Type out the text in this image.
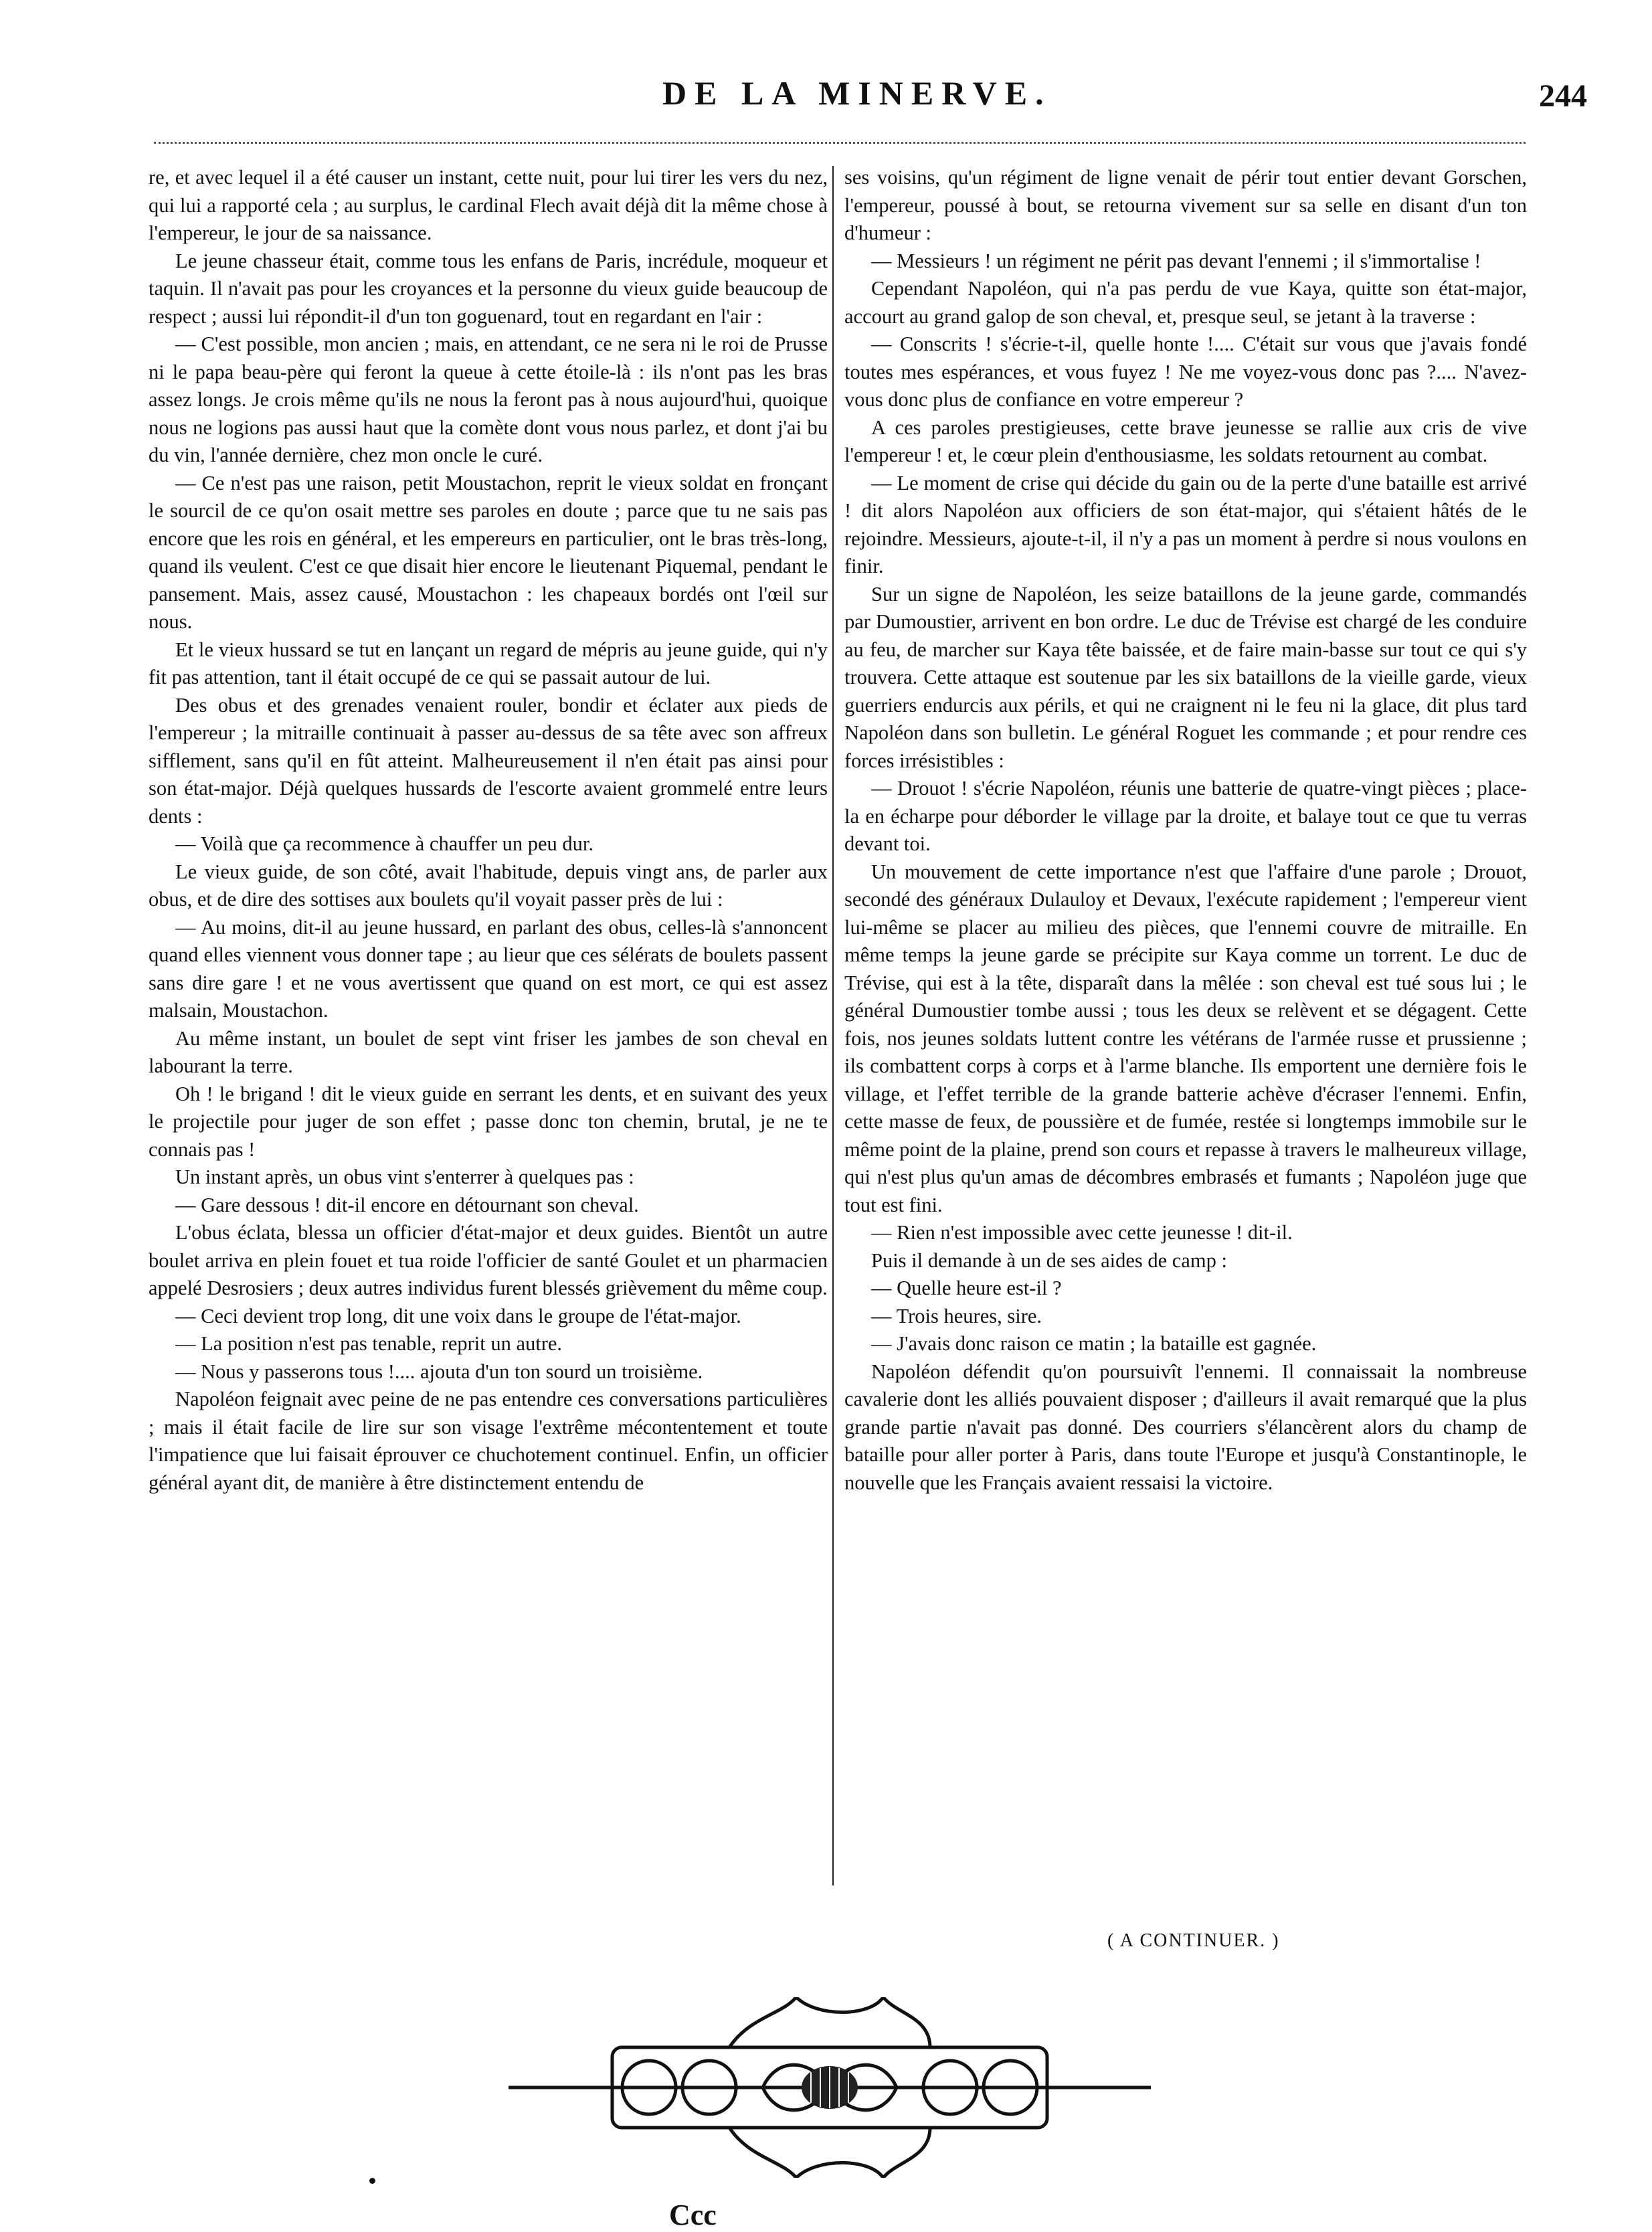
DE LA MINERVE.	244

re, et avec lequel il a été causer un instant, cette nuit, pour lui tirer les vers du nez, qui lui a rapporté cela ; au surplus, le cardinal Flech avait déjà dit la même chose à l'empereur, le jour de sa naissance.

Le jeune chasseur était, comme tous les enfans de Paris, incrédule, moqueur et taquin. Il n'avait pas pour les croyances et la personne du vieux guide beaucoup de respect ; aussi lui répondit-il d'un ton goguenard, tout en regardant en l'air :

— C'est possible, mon ancien ; mais, en attendant, ce ne sera ni le roi de Prusse ni le papa beau-père qui feront la queue à cette étoile-là : ils n'ont pas les bras assez longs. Je crois même qu'ils ne nous la feront pas à nous aujourd'hui, quoique nous ne logions pas aussi haut que la comète dont vous nous parlez, et dont j'ai bu du vin, l'année dernière, chez mon oncle le curé.

— Ce n'est pas une raison, petit Moustachon, reprit le vieux soldat en fronçant le sourcil de ce qu'on osait mettre ses paroles en doute ; parce que tu ne sais pas encore que les rois en général, et les empereurs en particulier, ont le bras très-long, quand ils veulent. C'est ce que disait hier encore le lieutenant Piquemal, pendant le pansement. Mais, assez causé, Moustachon : les chapeaux bordés ont l'œil sur nous.

Et le vieux hussard se tut en lançant un regard de mépris au jeune guide, qui n'y fit pas attention, tant il était occupé de ce qui se passait autour de lui.

Des obus et des grenades venaient rouler, bondir et éclater aux pieds de l'empereur ; la mitraille continuait à passer au-dessus de sa tête avec son affreux sifflement, sans qu'il en fût atteint. Malheureusement il n'en était pas ainsi pour son état-major. Déjà quelques hussards de l'escorte avaient grommelé entre leurs dents :

— Voilà que ça recommence à chauffer un peu dur.

Le vieux guide, de son côté, avait l'habitude, depuis vingt ans, de parler aux obus, et de dire des sottises aux boulets qu'il voyait passer près de lui :

— Au moins, dit-il au jeune hussard, en parlant des obus, celles-là s'annoncent quand elles viennent vous donner tape ; au lieur que ces sélérats de boulets passent sans dire gare ! et ne vous avertissent que quand on est mort, ce qui est assez malsain, Moustachon.

Au même instant, un boulet de sept vint friser les jambes de son cheval en labourant la terre.

Oh ! le brigand ! dit le vieux guide en serrant les dents, et en suivant des yeux le projectile pour juger de son effet ; passe donc ton chemin, brutal, je ne te connais pas !

Un instant après, un obus vint s'enterrer à quelques pas :

— Gare dessous ! dit-il encore en détournant son cheval.

L'obus éclata, blessa un officier d'état-major et deux guides. Bientôt un autre boulet arriva en plein fouet et tua roide l'officier de santé Goulet et un pharmacien appelé Desrosiers ; deux autres individus furent blessés grièvement du même coup.

— Ceci devient trop long, dit une voix dans le groupe de l'état-major.

— La position n'est pas tenable, reprit un autre.

— Nous y passerons tous !.... ajouta d'un ton sourd un troisième.

Napoléon feignait avec peine de ne pas entendre ces conversations particulières ; mais il était facile de lire sur son visage l'extrême mécontentement et toute l'impatience que lui faisait éprouver ce chuchotement continuel. Enfin, un officier général ayant dit, de manière à être distinctement entendu de

ses voisins, qu'un régiment de ligne venait de périr tout entier devant Gorschen, l'empereur, poussé à bout, se retourna vivement sur sa selle en disant d'un ton d'humeur :

— Messieurs ! un régiment ne périt pas devant l'ennemi ; il s'immortalise !

Cependant Napoléon, qui n'a pas perdu de vue Kaya, quitte son état-major, accourt au grand galop de son cheval, et, presque seul, se jetant à la traverse :

— Conscrits ! s'écrie-t-il, quelle honte !.... C'était sur vous que j'avais fondé toutes mes espérances, et vous fuyez ! Ne me voyez-vous donc pas ?.... N'avez-vous donc plus de confiance en votre empereur ?

A ces paroles prestigieuses, cette brave jeunesse se rallie aux cris de vive l'empereur ! et, le cœur plein d'enthousiasme, les soldats retournent au combat.

— Le moment de crise qui décide du gain ou de la perte d'une bataille est arrivé ! dit alors Napoléon aux officiers de son état-major, qui s'étaient hâtés de le rejoindre. Messieurs, ajoute-t-il, il n'y a pas un moment à perdre si nous voulons en finir.

Sur un signe de Napoléon, les seize bataillons de la jeune garde, commandés par Dumoustier, arrivent en bon ordre. Le duc de Trévise est chargé de les conduire au feu, de marcher sur Kaya tête baissée, et de faire main-basse sur tout ce qui s'y trouvera. Cette attaque est soutenue par les six bataillons de la vieille garde, vieux guerriers endurcis aux périls, et qui ne craignent ni le feu ni la glace, dit plus tard Napoléon dans son bulletin. Le général Roguet les commande ; et pour rendre ces forces irrésistibles :

— Drouot ! s'écrie Napoléon, réunis une batterie de quatre-vingt pièces ; place-la en écharpe pour déborder le village par la droite, et balaye tout ce que tu verras devant toi.

Un mouvement de cette importance n'est que l'affaire d'une parole ; Drouot, secondé des généraux Dulauloy et Devaux, l'exécute rapidement ; l'empereur vient lui-même se placer au milieu des pièces, que l'ennemi couvre de mitraille. En même temps la jeune garde se précipite sur Kaya comme un torrent. Le duc de Trévise, qui est à la tête, disparaît dans la mêlée : son cheval est tué sous lui ; le général Dumoustier tombe aussi ; tous les deux se relèvent et se dégagent. Cette fois, nos jeunes soldats luttent contre les vétérans de l'armée russe et prussienne ; ils combattent corps à corps et à l'arme blanche. Ils emportent une dernière fois le village, et l'effet terrible de la grande batterie achève d'écraser l'ennemi. Enfin, cette masse de feux, de poussière et de fumée, restée si longtemps immobile sur le même point de la plaine, prend son cours et repasse à travers le malheureux village, qui n'est plus qu'un amas de décombres embrasés et fumants ; Napoléon juge que tout est fini.

— Rien n'est impossible avec cette jeunesse ! dit-il.

Puis il demande à un de ses aides de camp :

— Quelle heure est-il ?

— Trois heures, sire.

— J'avais donc raison ce matin ; la bataille est gagnée.

Napoléon défendit qu'on poursuivît l'ennemi. Il connaissait la nombreuse cavalerie dont les alliés pouvaient disposer ; d'ailleurs il avait remarqué que la plus grande partie n'avait pas donné. Des courriers s'élancèrent alors du champ de bataille pour aller porter à Paris, dans toute l'Europe et jusqu'à Constantinople, le nouvelle que les Français avaient ressaisi la victoire.

( A CONTINUER. )
Ccc
